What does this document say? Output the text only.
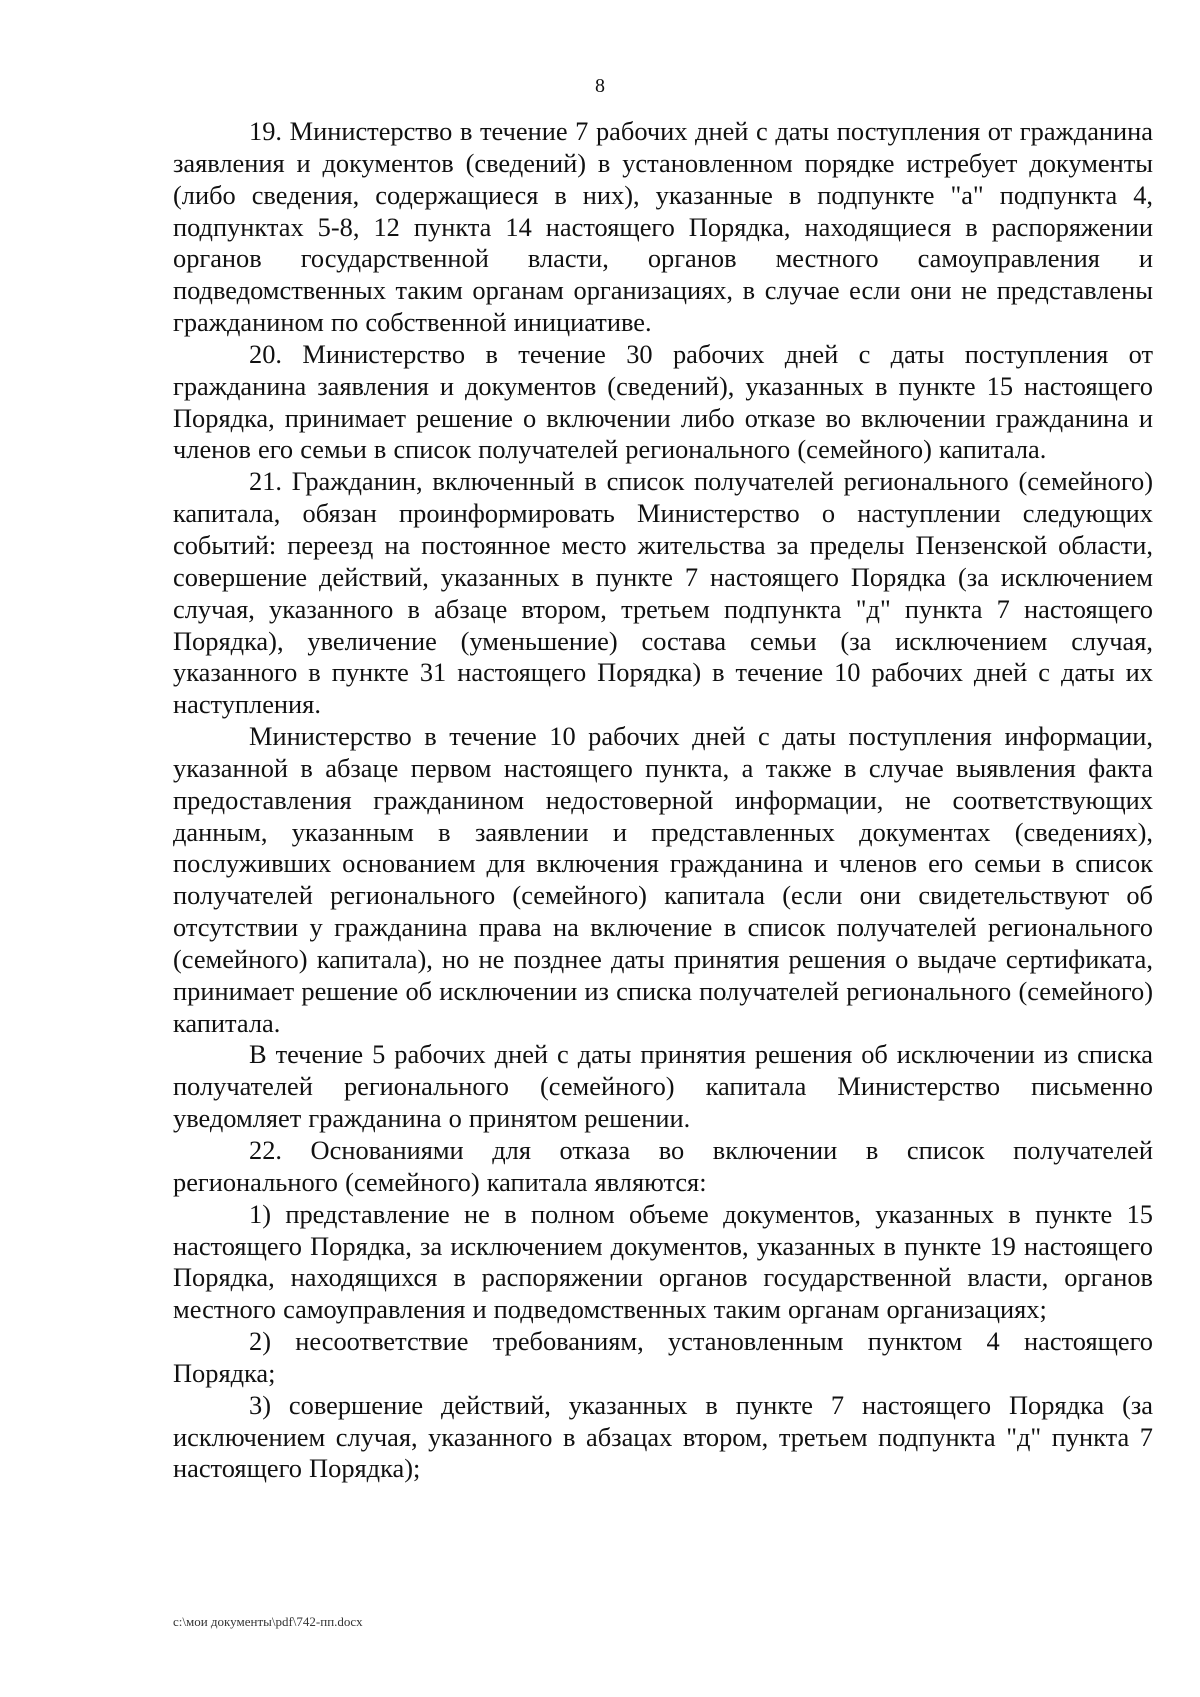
8

19. Министерство в течение 7 рабочих дней с даты поступления от гражданина заявления и документов (сведений) в установленном порядке истребует документы (либо сведения, содержащиеся в них), указанные в подпункте "а" подпункта 4, подпунктах 5-8, 12 пункта 14 настоящего Порядка, находящиеся в распоряжении органов государственной власти, органов местного самоуправления и подведомственных таким органам организациях, в случае если они не представлены гражданином по собственной инициативе.

20. Министерство в течение 30 рабочих дней с даты поступления от гражданина заявления и документов (сведений), указанных в пункте 15 настоящего Порядка, принимает решение о включении либо отказе во включении гражданина и членов его семьи в список получателей регионального (семейного) капитала.

21. Гражданин, включенный в список получателей регионального (семейного) капитала, обязан проинформировать Министерство о наступлении следующих событий: переезд на постоянное место жительства за пределы Пензенской области, совершение действий, указанных в пункте 7 настоящего Порядка (за исключением случая, указанного в абзаце втором, третьем подпункта "д" пункта 7 настоящего Порядка), увеличение (уменьшение) состава семьи (за исключением случая, указанного в пункте 31 настоящего Порядка) в течение 10 рабочих дней с даты их наступления.

Министерство в течение 10 рабочих дней с даты поступления информации, указанной в абзаце первом настоящего пункта, а также в случае выявления факта предоставления гражданином недостоверной информации, не соответствующих данным, указанным в заявлении и представленных документах (сведениях), послуживших основанием для включения гражданина и членов его семьи в список получателей регионального (семейного) капитала (если они свидетельствуют об отсутствии у гражданина права на включение в список получателей регионального (семейного) капитала), но не позднее даты принятия решения о выдаче сертификата, принимает решение об исключении из списка получателей регионального (семейного) капитала.

В течение 5 рабочих дней с даты принятия решения об исключении из списка получателей регионального (семейного) капитала Министерство письменно уведомляет гражданина о принятом решении.

22. Основаниями для отказа во включении в список получателей регионального (семейного) капитала являются:

1) представление не в полном объеме документов, указанных в пункте 15 настоящего Порядка, за исключением документов, указанных в пункте 19 настоящего Порядка, находящихся в распоряжении органов государственной власти, органов местного самоуправления и подведомственных таким органам организациях;

2) несоответствие требованиям, установленным пунктом 4 настоящего Порядка;

3) совершение действий, указанных в пункте 7 настоящего Порядка (за исключением случая, указанного в абзацах втором, третьем подпункта "д" пункта 7 настоящего Порядка);

c:\мои документы\pdf\742-пп.docx
